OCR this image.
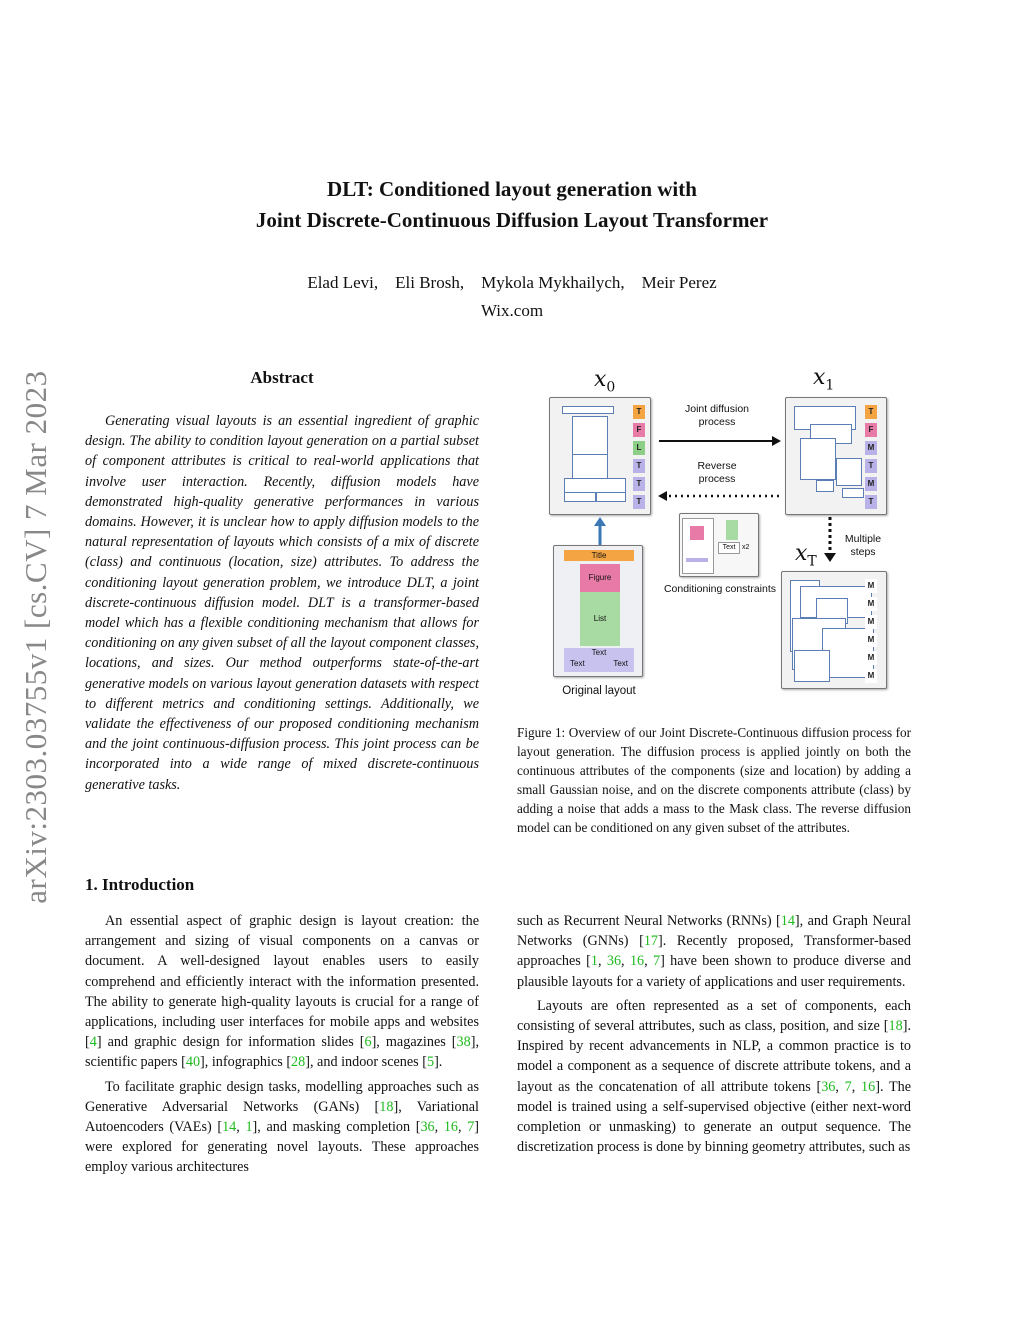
arXiv:2303.03755v1 [cs.CV] 7 Mar 2023
DLT: Conditioned layout generation with
Joint Discrete-Continuous Diffusion Layout Transformer
Elad Levi,    Eli Brosh,    Mykola Mykhailych,    Meir Perez
Wix.com
Abstract

Generating visual layouts is an essential ingredient of graphic design. The ability to condition layout generation on a partial subset of component attributes is critical to real-world applications that involve user interaction. Recently, diffusion models have demonstrated high-quality generative performances in various domains. However, it is unclear how to apply diffusion models to the natural representation of layouts which consists of a mix of discrete (class) and continuous (location, size) attributes. To address the conditioning layout generation problem, we introduce DLT, a joint discrete-continuous diffusion model. DLT is a transformer-based model which has a flexible conditioning mechanism that allows for conditioning on any given subset of all the layout component classes, locations, and sizes. Our method outperforms state-of-the-art generative models on various layout generation datasets with respect to different metrics and conditioning settings. Additionally, we validate the effectiveness of our proposed conditioning mechanism and the joint continuous-diffusion process. This joint process can be incorporated into a wide range of mixed discrete-continuous generative tasks.

$x_0$	$x_1$
T
F
L
T
T
T
Joint diffusion
process
Reverse
process
T
F
M
T
M
T
Title
Figure
List
Text
Text	Text
Original layout
Text x2
Conditioning constraints
Multiple
steps
$x_T$
M
M
M
M
M
M
Figure 1: Overview of our Joint Discrete-Continuous diffusion process for layout generation. The diffusion process is applied jointly on both the continuous attributes of the components (size and location) by adding a small Gaussian noise, and on the discrete components attribute (class) by adding a noise that adds a mass to the Mask class. The reverse diffusion model can be conditioned on any given subset of the attributes.
1. Introduction

An essential aspect of graphic design is layout creation: the arrangement and sizing of visual components on a canvas or document. A well-designed layout enables users to easily comprehend and efficiently interact with the information presented. The ability to generate high-quality layouts is crucial for a range of applications, including user interfaces for mobile apps and websites [4] and graphic design for information slides [6], magazines [38], scientific papers [40], infographics [28], and indoor scenes [5].

To facilitate graphic design tasks, modelling approaches such as Generative Adversarial Networks (GANs) [18], Variational Autoencoders (VAEs) [14, 1], and masking completion [36, 16, 7] were explored for generating novel layouts. These approaches employ various architectures

such as Recurrent Neural Networks (RNNs) [14], and Graph Neural Networks (GNNs) [17]. Recently proposed, Transformer-based approaches [1, 36, 16, 7] have been shown to produce diverse and plausible layouts for a variety of applications and user requirements.

Layouts are often represented as a set of components, each consisting of several attributes, such as class, position, and size [18]. Inspired by recent advancements in NLP, a common practice is to model a component as a sequence of discrete attribute tokens, and a layout as the concatenation of all attribute tokens [36, 7, 16]. The model is trained using a self-supervised objective (either next-word completion or unmasking) to generate an output sequence. The discretization process is done by binning geometry attributes, such as
